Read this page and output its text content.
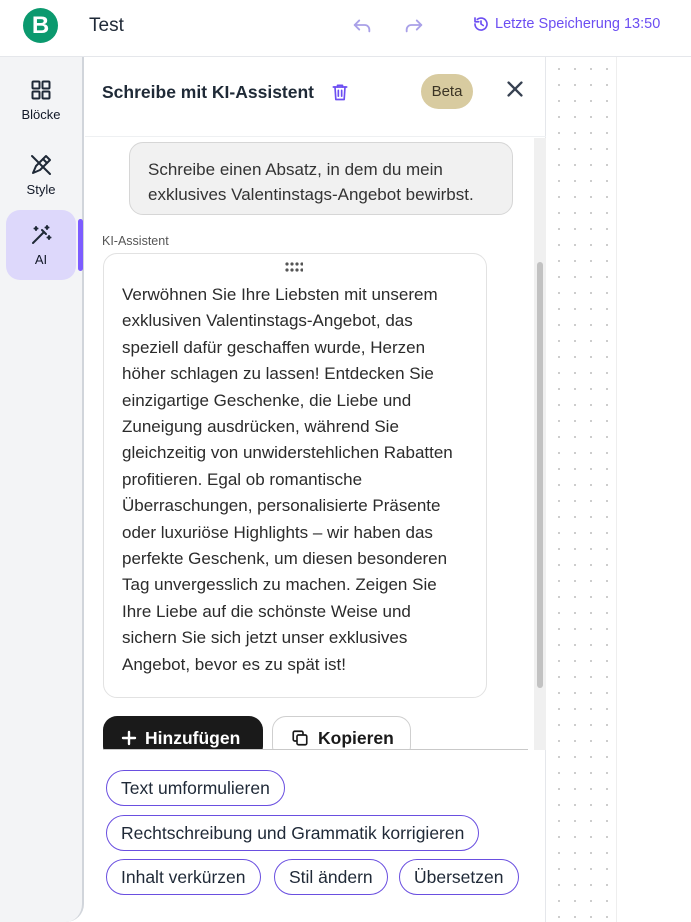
B	Test	Letzte Speicherung 13:50
Blöcke
Style
AI
Schreibe mit KI-Assistent	Beta
Schreibe einen Absatz, in dem du mein exklusives Valentinstags-Angebot bewirbst.
KI-Assistent
Verwöhnen Sie Ihre Liebsten mit unserem exklusiven Valentinstags-Angebot, das speziell dafür geschaffen wurde, Herzen höher schlagen zu lassen! Entdecken Sie einzigartige Geschenke, die Liebe und Zuneigung ausdrücken, während Sie gleichzeitig von unwiderstehlichen Rabatten profitieren. Egal ob romantische Überraschungen, personalisierte Präsente oder luxuriöse Highlights – wir haben das perfekte Geschenk, um diesen besonderen Tag unvergesslich zu machen. Zeigen Sie Ihre Liebe auf die schönste Weise und sichern Sie sich jetzt unser exklusives Angebot, bevor es zu spät ist!
Hinzufügen	Kopieren
Text umformulieren
Rechtschreibung und Grammatik korrigieren
Inhalt verkürzen	Stil ändern	Übersetzen
